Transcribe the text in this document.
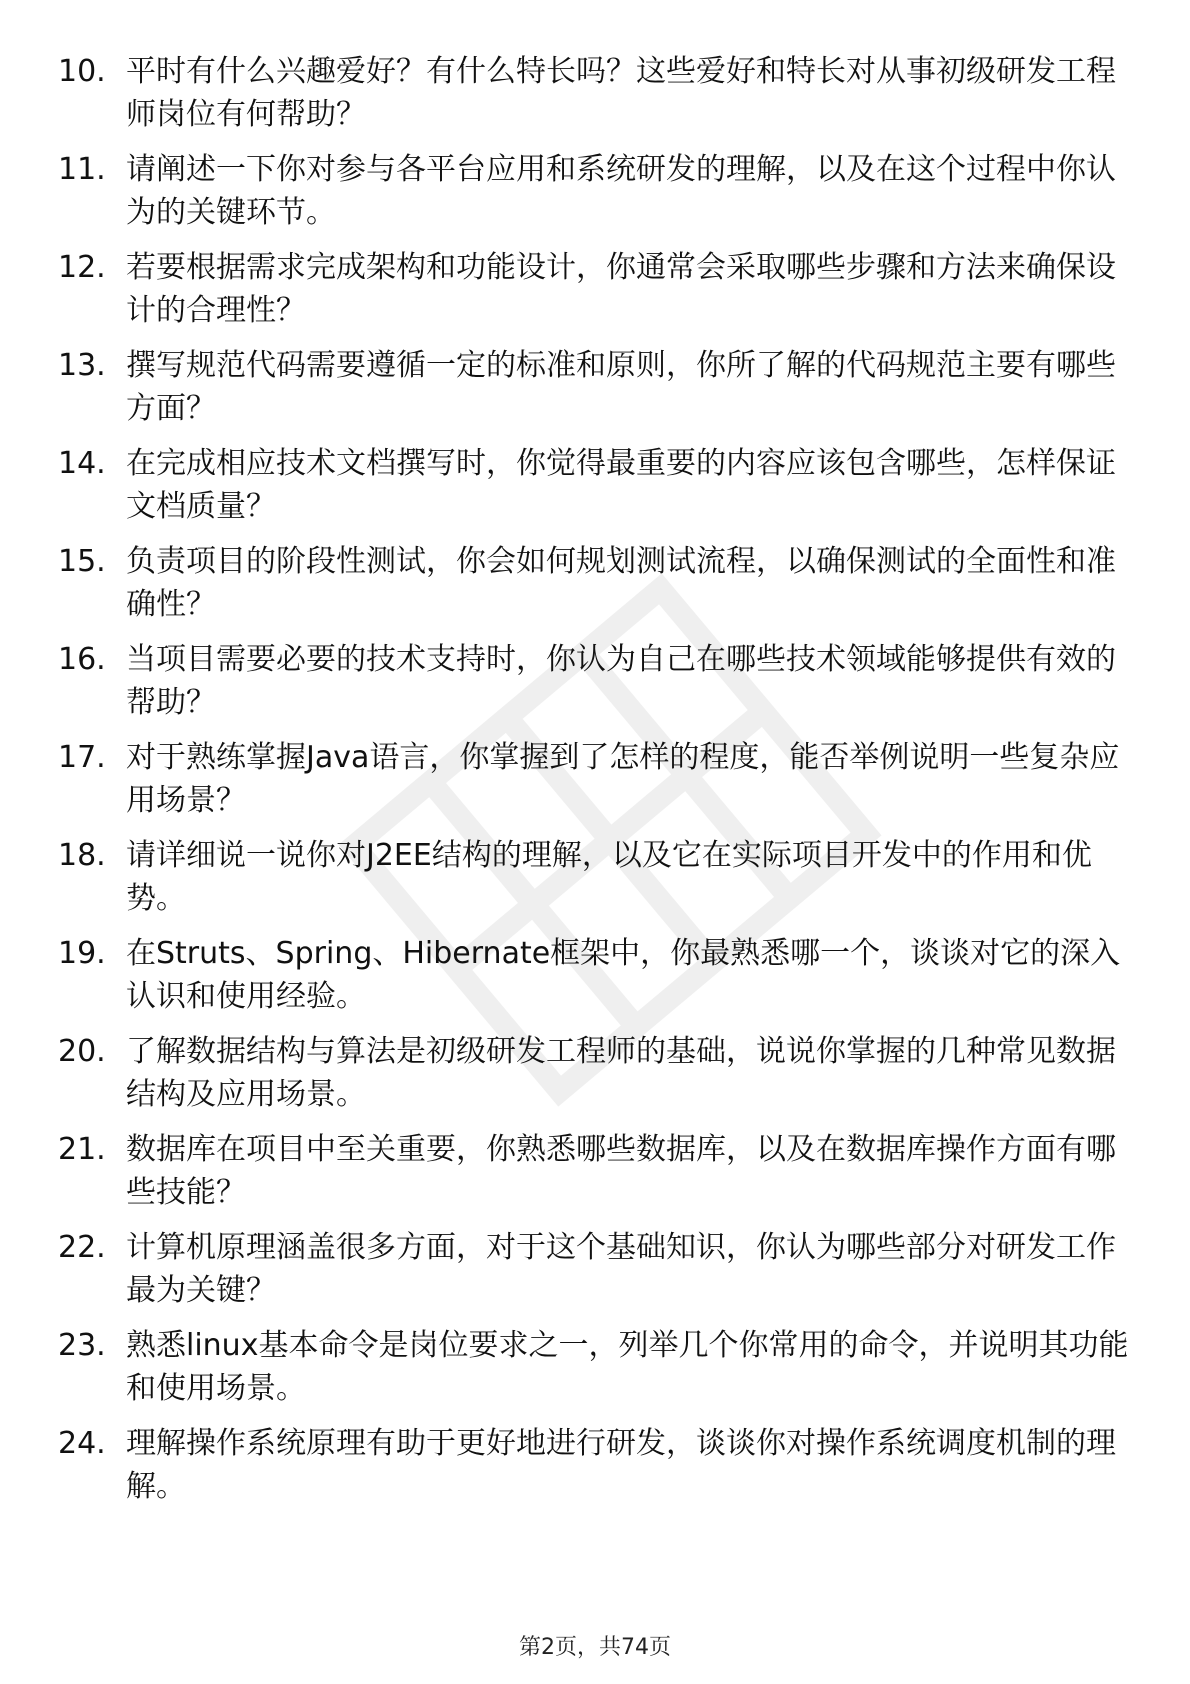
10. 平时有什么兴趣爱好？有什么特长吗？这些爱好和特长对从事初级研发工程师岗位有何帮助？
11. 请阐述一下你对参与各平台应用和系统研发的理解，以及在这个过程中你认为的关键环节。
12. 若要根据需求完成架构和功能设计，你通常会采取哪些步骤和方法来确保设计的合理性？
13. 撰写规范代码需要遵循一定的标准和原则，你所了解的代码规范主要有哪些方面？
14. 在完成相应技术文档撰写时，你觉得最重要的内容应该包含哪些，怎样保证文档质量？
15. 负责项目的阶段性测试，你会如何规划测试流程，以确保测试的全面性和准确性？
16. 当项目需要必要的技术支持时，你认为自己在哪些技术领域能够提供有效的帮助？
17. 对于熟练掌握Java语言，你掌握到了怎样的程度，能否举例说明一些复杂应用场景？
18. 请详细说一说你对J2EE结构的理解，以及它在实际项目开发中的作用和优势。
19. 在Struts、Spring、Hibernate框架中，你最熟悉哪一个，谈谈对它的深入认识和使用经验。
20. 了解数据结构与算法是初级研发工程师的基础，说说你掌握的几种常见数据结构及应用场景。
21. 数据库在项目中至关重要，你熟悉哪些数据库，以及在数据库操作方面有哪些技能？
22. 计算机原理涵盖很多方面，对于这个基础知识，你认为哪些部分对研发工作最为关键？
23. 熟悉linux基本命令是岗位要求之一，列举几个你常用的命令，并说明其功能和使用场景。
24. 理解操作系统原理有助于更好地进行研发，谈谈你对操作系统调度机制的理解。
第2页，共74页
